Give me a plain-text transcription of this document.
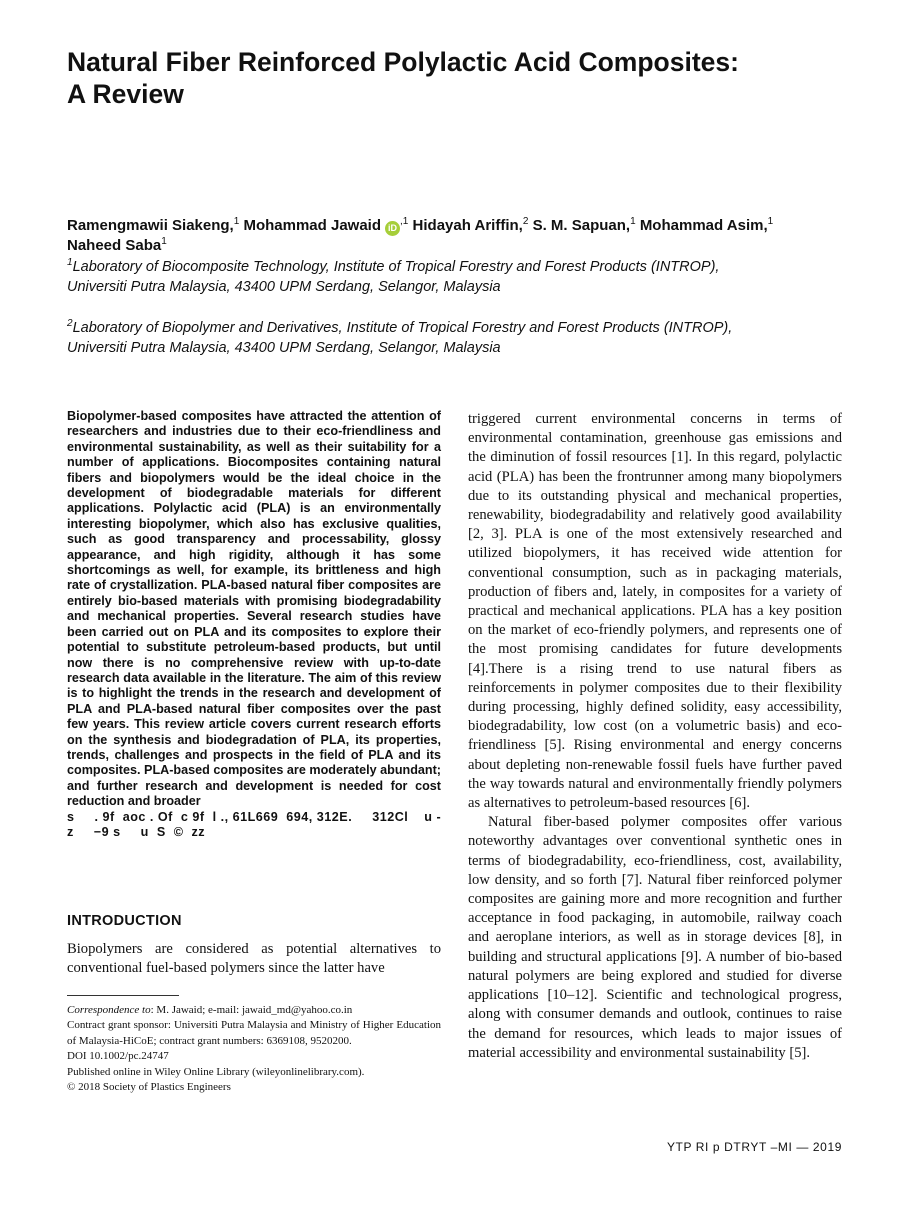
Natural Fiber Reinforced Polylactic Acid Composites:
A Review
Ramengmawii Siakeng,$^1$ Mohammad Jawaid $iD^{,1}$ Hidayah Ariffin,$^2$ S. M. Sapuan,$^1$ Mohammad Asim,$^1$
Naheed Saba$^1$
$^1$Laboratory of Biocomposite Technology, Institute of Tropical Forestry and Forest Products (INTROP),
Universiti Putra Malaysia, 43400 UPM Serdang, Selangor, Malaysia
$^2$Laboratory of Biopolymer and Derivatives, Institute of Tropical Forestry and Forest Products (INTROP),
Universiti Putra Malaysia, 43400 UPM Serdang, Selangor, Malaysia
Biopolymer-based composites have attracted the attention of researchers and industries due to their eco-friendliness and environmental sustainability, as well as their suitability for a number of applications. Biocomposites containing natural fibers and biopolymers would be the ideal choice in the development of biodegradable materials for different applications. Polylactic acid (PLA) is an environmentally interesting biopolymer, which also has exclusive qualities, such as good transparency and processability, glossy appearance, and high rigidity, although it has some shortcomings as well, for example, its brittleness and high rate of crystallization. PLA-based natural fiber composites are entirely bio-based materials with promising biodegradability and mechanical properties. Several research studies have been carried out on PLA and its composites to explore their potential to substitute petroleum-based products, but until now there is no comprehensive review with up-to-date research data available in the literature. The aim of this review is to highlight the trends in the research and development of PLA and PLA-based natural fiber composites over the past few years. This review article covers current research efforts on the synthesis and biodegradation of PLA, its properties, trends, challenges and prospects in the field of PLA and its composites. PLA-based composites are moderately abundant; and further research and development is needed for cost reduction and broader
s     . 9f  aoc . Of  c 9f  l ., 61L669  694, 312E.     312Cl    u -
z     −9 s     u  S  ©  zz
INTRODUCTION
Biopolymers are considered as potential alternatives to conventional fuel-based polymers since the latter have

Correspondence to: M. Jawaid; e-mail: jawaid_md@yahoo.co.in

Contract grant sponsor: Universiti Putra Malaysia and Ministry of Higher Education of Malaysia-HiCoE; contract grant numbers: 6369108, 9520200.

DOI 10.1002/pc.24747

Published online in Wiley Online Library (wileyonlinelibrary.com).

© 2018 Society of Plastics Engineers

triggered current environmental concerns in terms of environmental contamination, greenhouse gas emissions and the diminution of fossil resources [1]. In this regard, polylactic acid (PLA) has been the frontrunner among many biopolymers due to its outstanding physical and mechanical properties, renewability, biodegradability and relatively good availability [2, 3]. PLA is one of the most extensively researched and utilized biopolymers, it has received wide attention for conventional consumption, such as in packaging materials, production of fibers and, lately, in composites for a variety of practical and mechanical applications. PLA has a key position on the market of eco-friendly polymers, and represents one of the most promising candidates for future developments [4].There is a rising trend to use natural fibers as reinforcements in polymer composites due to their flexibility during processing, highly defined solidity, easy accessibility, biodegradability, low cost (on a volumetric basis) and eco-friendliness [5]. Rising environmental and energy concerns about depleting non-renewable fossil fuels have further paved the way towards natural and environmentally friendly polymers as alternatives to petroleum-based resources [6].

Natural fiber-based polymer composites offer various noteworthy advantages over conventional synthetic ones in terms of biodegradability, eco-friendliness, cost, availability, low density, and so forth [7]. Natural fiber reinforced polymer composites are gaining more and more recognition and further acceptance in food packaging, in automobile, railway coach and aeroplane interiors, as well as in storage devices [8], in building and structural applications [9]. A number of bio-based natural polymers are being explored and studied for diverse applications [10–12]. Scientific and technological progress, along with consumer demands and outlook, continues to raise the demand for resources, which leads to major issues of material accessibility and environmental sustainability [5].

YTP RI p DTRYT –MI — 2019
